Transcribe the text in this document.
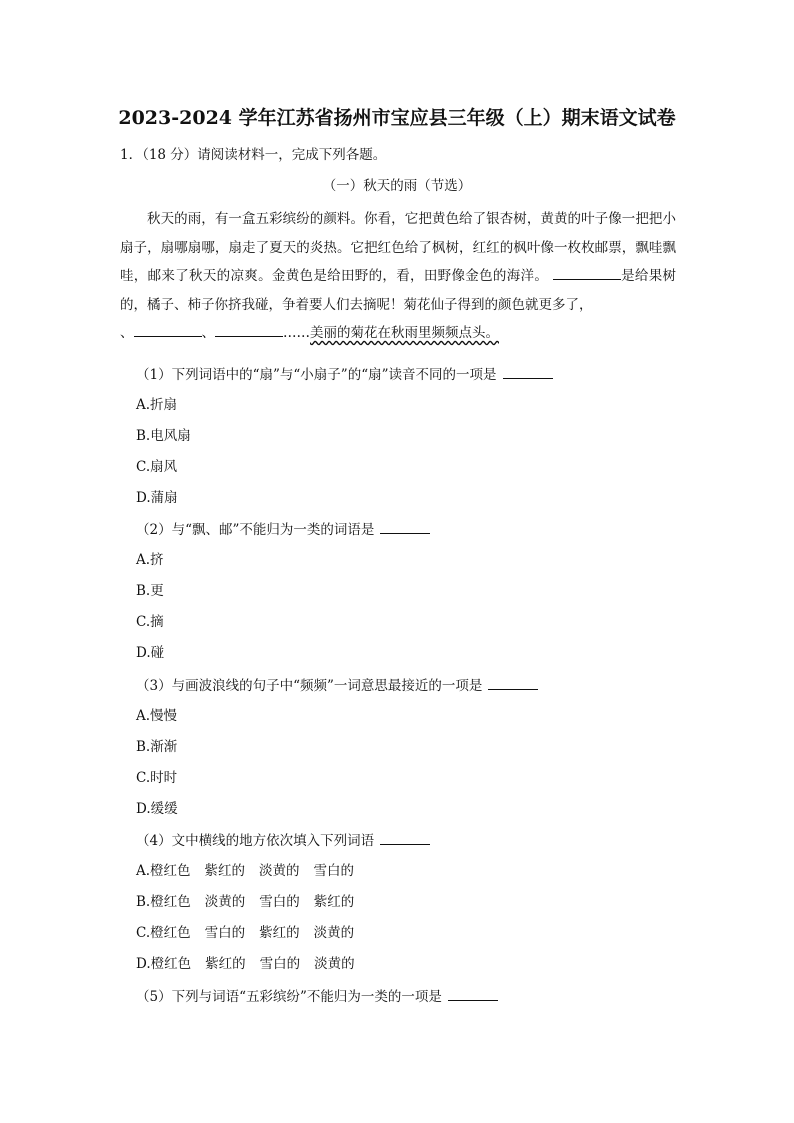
2023-2024 学年江苏省扬州市宝应县三年级（上）期末语文试卷
1．（18 分）请阅读材料一，完成下列各题。
（一）秋天的雨（节选）
秋天的雨，有一盒五彩缤纷的颜料。你看，它把黄色给了银杏树，黄黄的叶子像一把把小扇子，扇哪扇哪，扇走了夏天的炎热。它把红色给了枫树，红红的枫叶像一枚枚邮票，飘哇飘哇，邮来了秋天的凉爽。金黄色是给田野的，看，田野像金色的海洋。	是给果树的，橘子、柿子你挤我碰，争着要人们去摘呢！菊花仙子得到的颜色就更多了，
、	、	……美丽的菊花在秋雨里频频点头。
（1）下列词语中的“扇”与“小扇子”的“扇”读音不同的一项是
A.折扇
B.电风扇
C.扇风
D.蒲扇
（2）与“飘、邮”不能归为一类的词语是
A.挤
B.更
C.摘
D.碰
（3）与画波浪线的句子中“频频”一词意思最接近的一项是
A.慢慢
B.渐渐
C.时时
D.缓缓
（4）文中横线的地方依次填入下列词语
A.橙红色 紫红的 淡黄的 雪白的
B.橙红色 淡黄的 雪白的 紫红的
C.橙红色 雪白的 紫红的 淡黄的
D.橙红色 紫红的 雪白的 淡黄的
（5）下列与词语“五彩缤纷”不能归为一类的一项是
